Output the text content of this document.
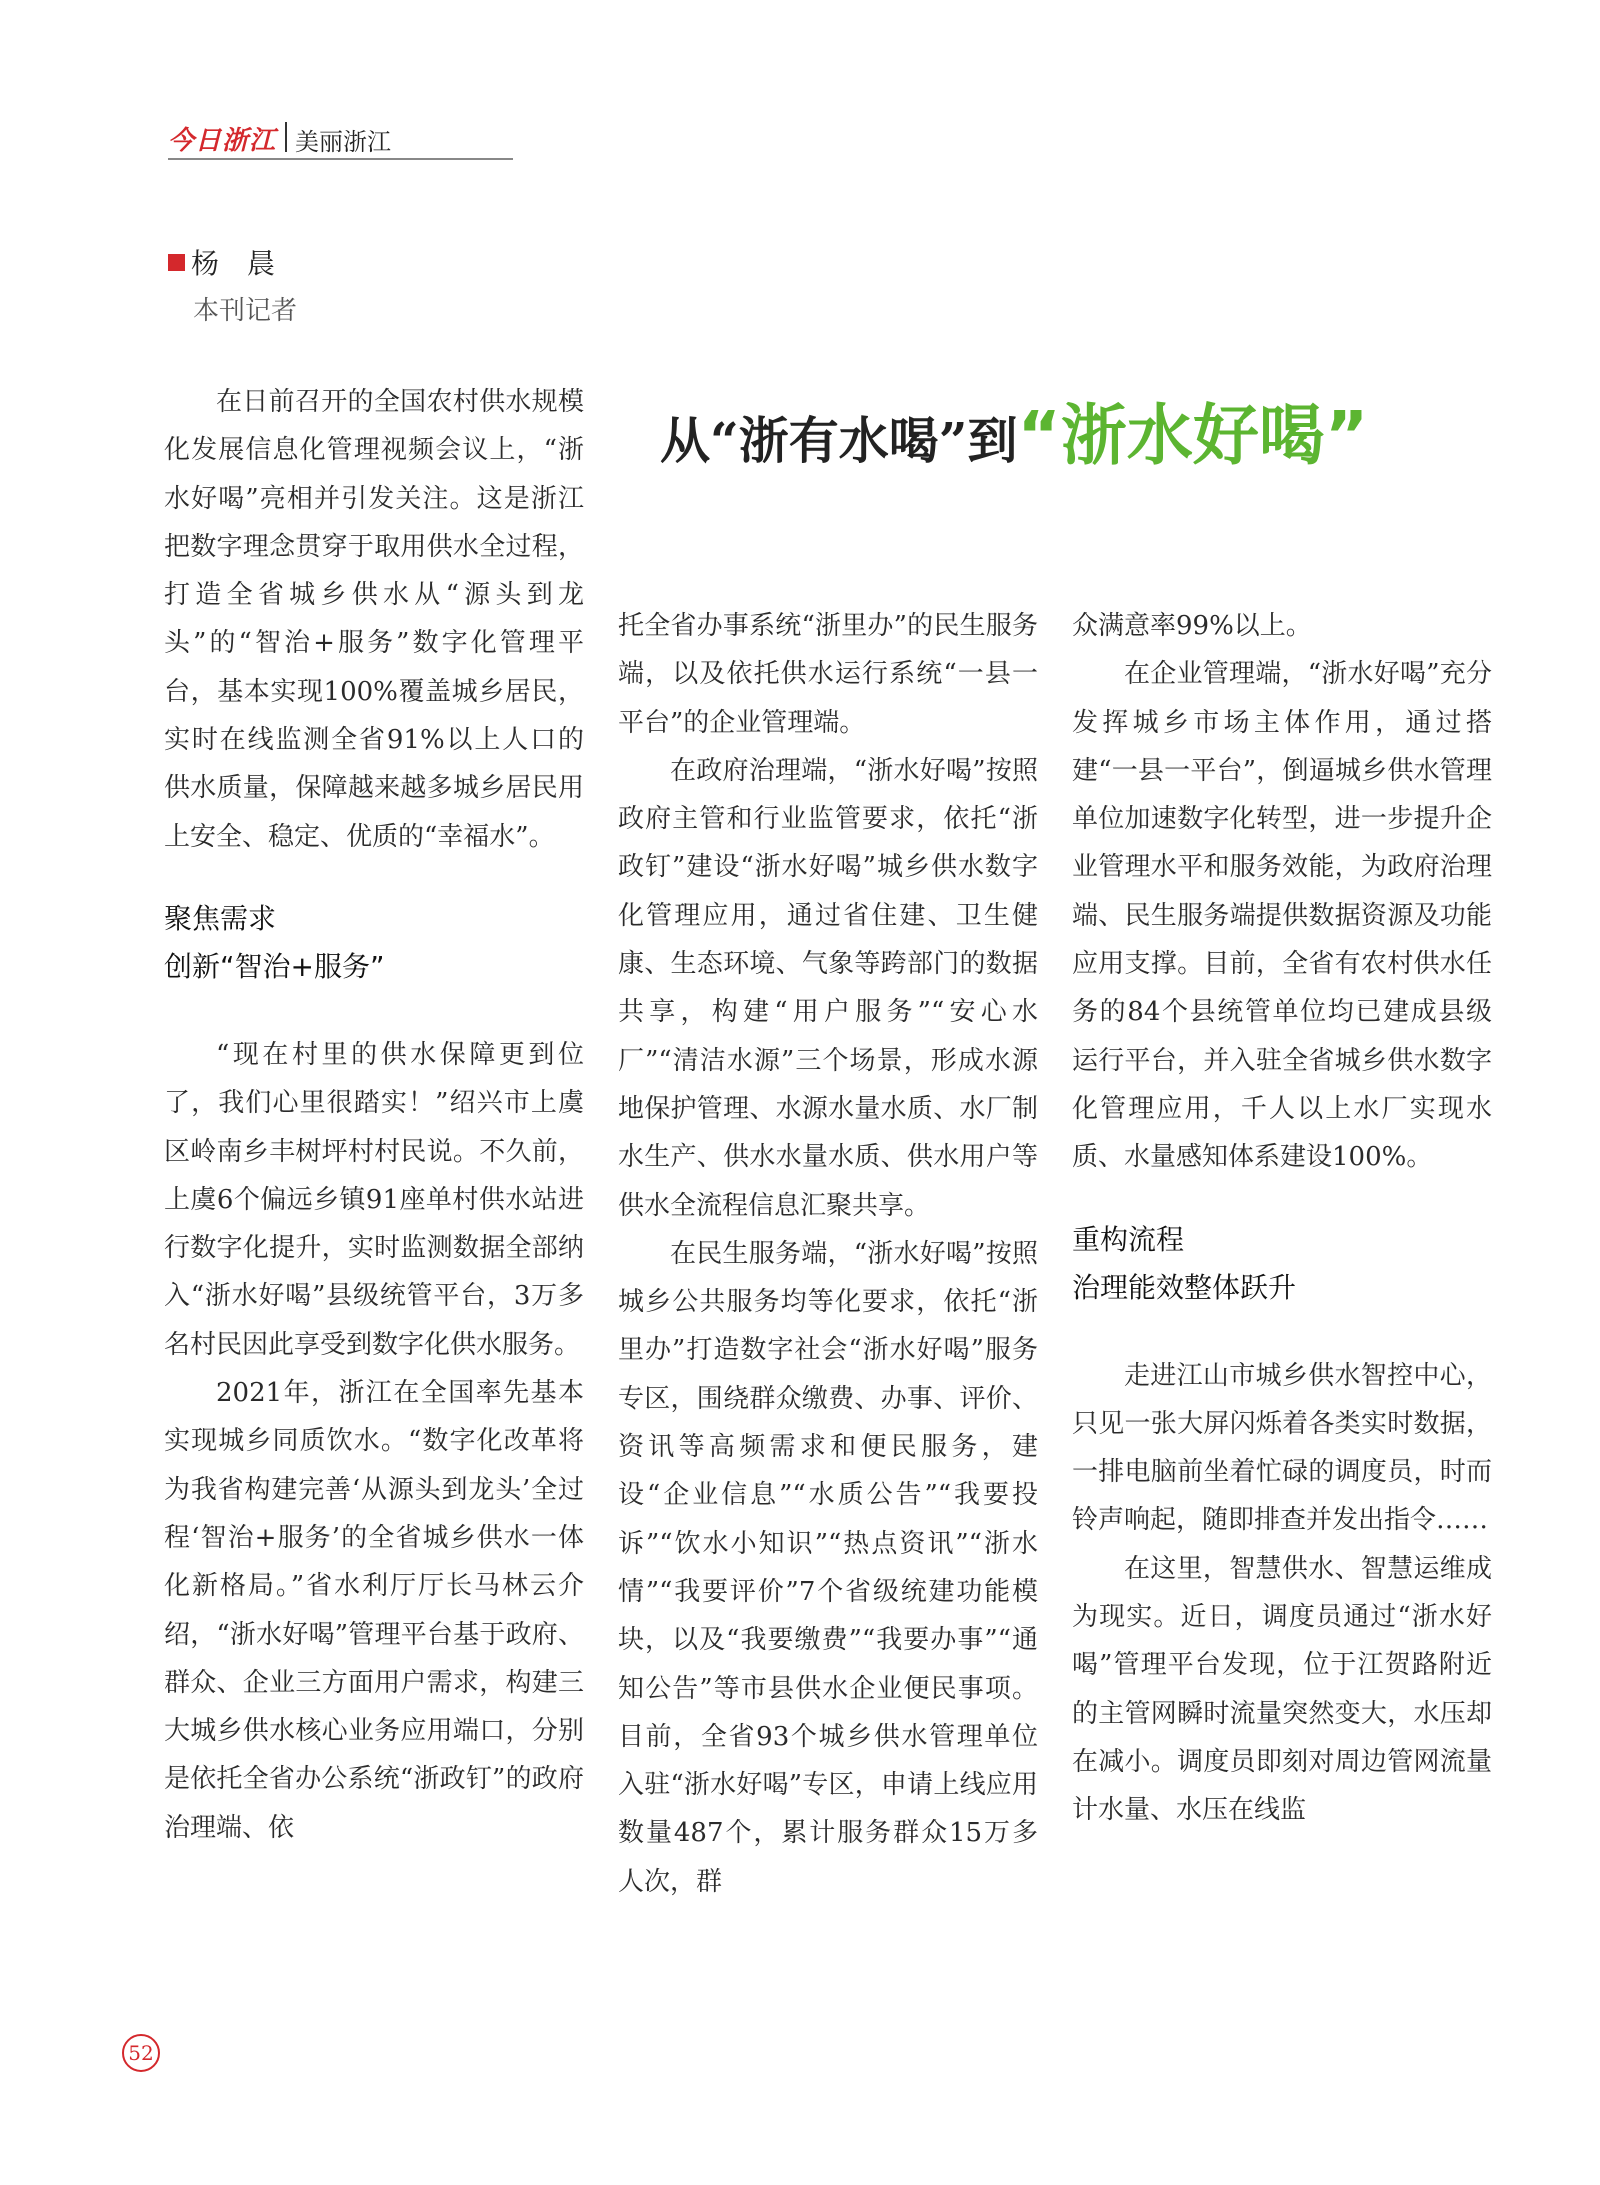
今日浙江 美丽浙江
杨　晨
本刊记者
从“浙有水喝”到“浙水好喝”

在日前召开的全国农村供水规模化发展信息化管理视频会议上，“浙水好喝”亮相并引发关注。这是浙江把数字理念贯穿于取用供水全过程，打造全省城乡供水从“源头到龙头”的“智治+服务”数字化管理平台，基本实现100%覆盖城乡居民，实时在线监测全省91%以上人口的供水质量，保障越来越多城乡居民用上安全、稳定、优质的“幸福水”。

聚焦需求
创新“智治+服务”

“现在村里的供水保障更到位了，我们心里很踏实！”绍兴市上虞区岭南乡丰树坪村村民说。不久前，上虞6个偏远乡镇91座单村供水站进行数字化提升，实时监测数据全部纳入“浙水好喝”县级统管平台，3万多名村民因此享受到数字化供水服务。

2021年，浙江在全国率先基本实现城乡同质饮水。“数字化改革将为我省构建完善‘从源头到龙头’全过程‘智治+服务’的全省城乡供水一体化新格局。”省水利厅厅长马林云介绍，“浙水好喝”管理平台基于政府、群众、企业三方面用户需求，构建三大城乡供水核心业务应用端口，分别是依托全省办公系统“浙政钉”的政府治理端、依

托全省办事系统“浙里办”的民生服务端，以及依托供水运行系统“一县一平台”的企业管理端。

在政府治理端，“浙水好喝”按照政府主管和行业监管要求，依托“浙政钉”建设“浙水好喝”城乡供水数字化管理应用，通过省住建、卫生健康、生态环境、气象等跨部门的数据共享，构建“用户服务”“安心水厂”“清洁水源”三个场景，形成水源地保护管理、水源水量水质、水厂制水生产、供水水量水质、供水用户等供水全流程信息汇聚共享。

在民生服务端，“浙水好喝”按照城乡公共服务均等化要求，依托“浙里办”打造数字社会“浙水好喝”服务专区，围绕群众缴费、办事、评价、资讯等高频需求和便民服务，建设“企业信息”“水质公告”“我要投诉”“饮水小知识”“热点资讯”“浙水情”“我要评价”7个省级统建功能模块，以及“我要缴费”“我要办事”“通知公告”等市县供水企业便民事项。目前，全省93个城乡供水管理单位入驻“浙水好喝”专区，申请上线应用数量487个，累计服务群众15万多人次，群

众满意率99%以上。

在企业管理端，“浙水好喝”充分发挥城乡市场主体作用，通过搭建“一县一平台”，倒逼城乡供水管理单位加速数字化转型，进一步提升企业管理水平和服务效能，为政府治理端、民生服务端提供数据资源及功能应用支撑。目前，全省有农村供水任务的84个县统管单位均已建成县级运行平台，并入驻全省城乡供水数字化管理应用，千人以上水厂实现水质、水量感知体系建设100%。

重构流程
治理能效整体跃升

走进江山市城乡供水智控中心，只见一张大屏闪烁着各类实时数据，一排电脑前坐着忙碌的调度员，时而铃声响起，随即排查并发出指令……

在这里，智慧供水、智慧运维成为现实。近日，调度员通过“浙水好喝”管理平台发现，位于江贺路附近的主管网瞬时流量突然变大，水压却在减小。调度员即刻对周边管网流量计水量、水压在线监

52
